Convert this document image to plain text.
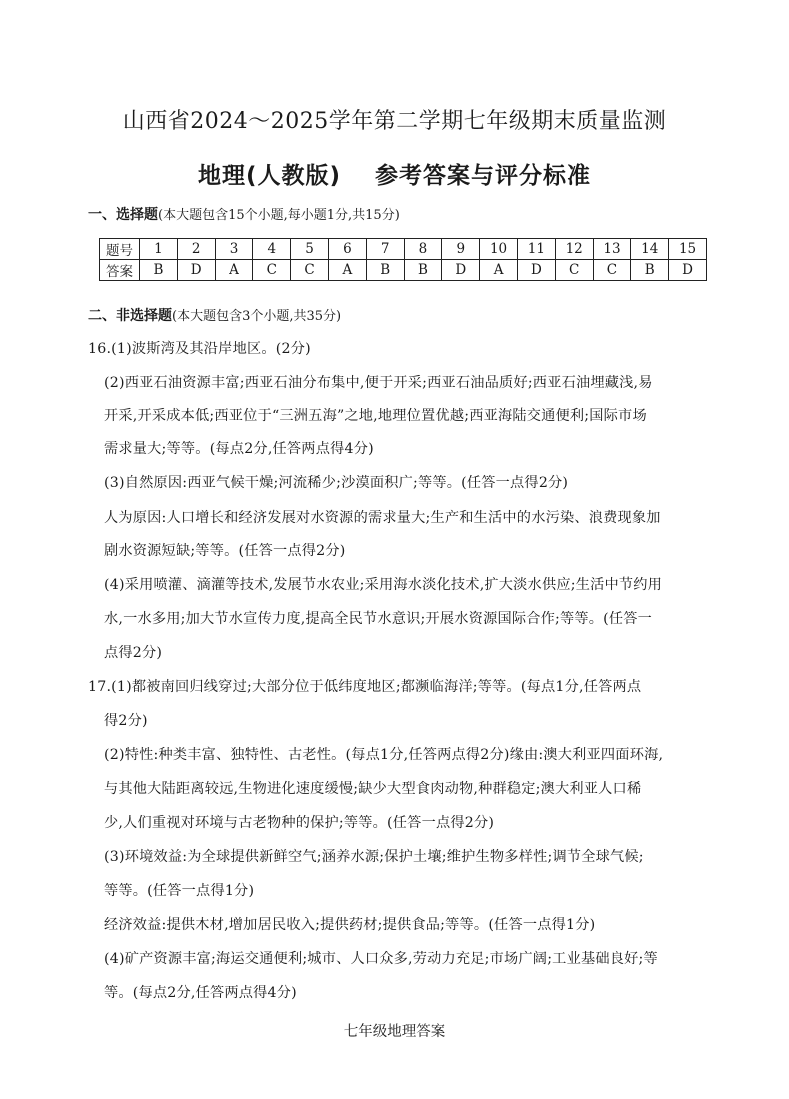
山西省2024～2025学年第二学期七年级期末质量监测
地理(人教版) 参考答案与评分标准
一、选择题(本大题包含15个小题,每小题1分,共15分)
题号	1	2	3	4	5	6	7	8	9	10	11	12	13	14	15
答案	B	D	A	C	C	A	B	B	D	A	D	C	C	B	D
二、非选择题(本大题包含3个小题,共35分)
16.(1)波斯湾及其沿岸地区。(2分)
(2)西亚石油资源丰富;西亚石油分布集中,便于开采;西亚石油品质好;西亚石油埋藏浅,易
开采,开采成本低;西亚位于“三洲五海”之地,地理位置优越;西亚海陆交通便利;国际市场
需求量大;等等。(每点2分,任答两点得4分)
(3)自然原因:西亚气候干燥;河流稀少;沙漠面积广;等等。(任答一点得2分)
人为原因:人口增长和经济发展对水资源的需求量大;生产和生活中的水污染、浪费现象加
剧水资源短缺;等等。(任答一点得2分)
(4)采用喷灌、滴灌等技术,发展节水农业;采用海水淡化技术,扩大淡水供应;生活中节约用
水,一水多用;加大节水宣传力度,提高全民节水意识;开展水资源国际合作;等等。(任答一
点得2分)
17.(1)都被南回归线穿过;大部分位于低纬度地区;都濒临海洋;等等。(每点1分,任答两点
得2分)
(2)特性:种类丰富、独特性、古老性。(每点1分,任答两点得2分)缘由:澳大利亚四面环海,
与其他大陆距离较远,生物进化速度缓慢;缺少大型食肉动物,种群稳定;澳大利亚人口稀
少,人们重视对环境与古老物种的保护;等等。(任答一点得2分)
(3)环境效益:为全球提供新鲜空气;涵养水源;保护土壤;维护生物多样性;调节全球气候;
等等。(任答一点得1分)
经济效益:提供木材,增加居民收入;提供药材;提供食品;等等。(任答一点得1分)
(4)矿产资源丰富;海运交通便利;城市、人口众多,劳动力充足;市场广阔;工业基础良好;等
等。(每点2分,任答两点得4分)
七年级地理答案
